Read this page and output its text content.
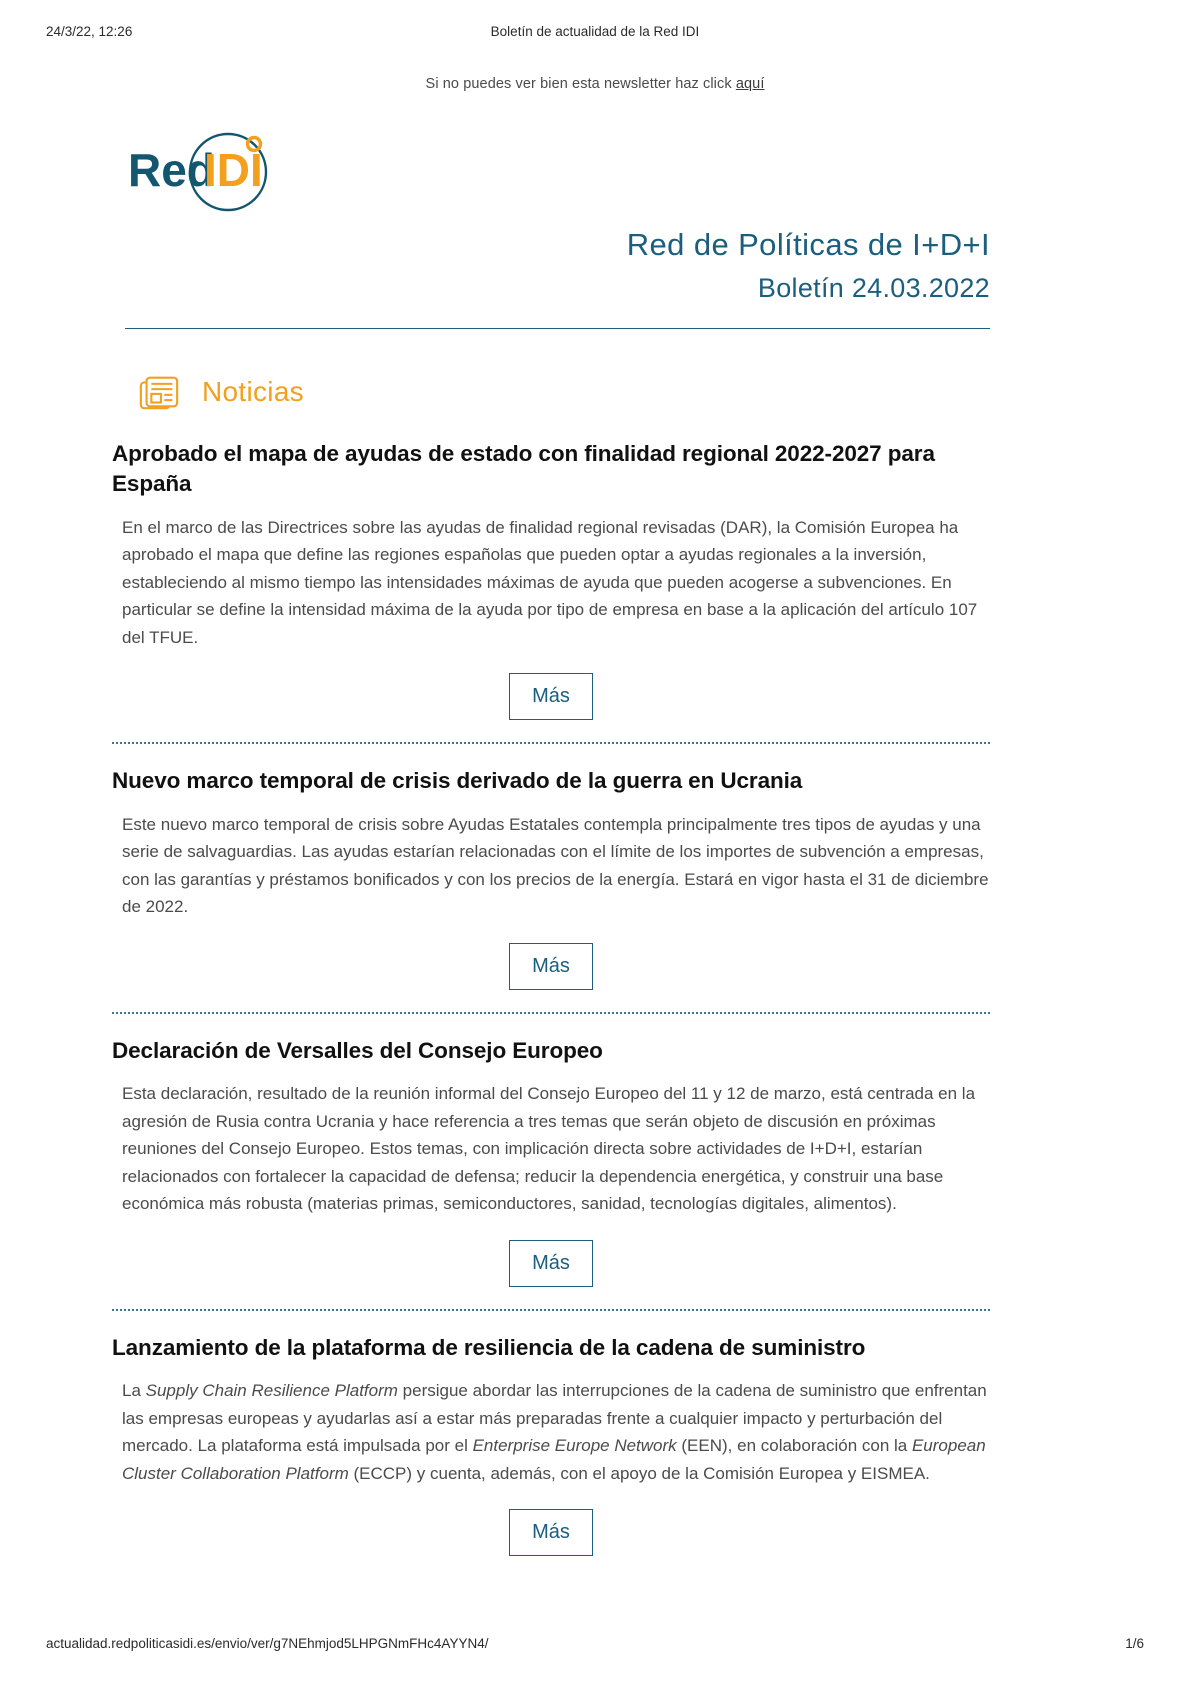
24/3/22, 12:26	Boletín de actualidad de la Red IDI
Si no puedes ver bien esta newsletter haz click aquí
Red
IDI
Red de Políticas de I+D+I
Boletín 24.03.2022
Noticias
Aprobado el mapa de ayudas de estado con finalidad regional 2022-2027 para España

En el marco de las Directrices sobre las ayudas de finalidad regional revisadas (DAR), la Comisión Europea ha aprobado el mapa que define las regiones españolas que pueden optar a ayudas regionales a la inversión, estableciendo al mismo tiempo las intensidades máximas de ayuda que pueden acogerse a subvenciones. En particular se define la intensidad máxima de la ayuda por tipo de empresa en base a la aplicación del artículo 107 del TFUE.

Más
Nuevo marco temporal de crisis derivado de la guerra en Ucrania

Este nuevo marco temporal de crisis sobre Ayudas Estatales contempla principalmente tres tipos de ayudas y una serie de salvaguardias. Las ayudas estarían relacionadas con el límite de los importes de subvención a empresas, con las garantías y préstamos bonificados y con los precios de la energía. Estará en vigor hasta el 31 de diciembre de 2022.

Más
Declaración de Versalles del Consejo Europeo

Esta declaración, resultado de la reunión informal del Consejo Europeo del 11 y 12 de marzo, está centrada en la agresión de Rusia contra Ucrania y hace referencia a tres temas que serán objeto de discusión en próximas reuniones del Consejo Europeo. Estos temas, con implicación directa sobre actividades de I+D+I, estarían relacionados con fortalecer la capacidad de defensa; reducir la dependencia energética, y construir una base económica más robusta (materias primas, semiconductores, sanidad, tecnologías digitales, alimentos).

Más
Lanzamiento de la plataforma de resiliencia de la cadena de suministro

La Supply Chain Resilience Platform persigue abordar las interrupciones de la cadena de suministro que enfrentan las empresas europeas y ayudarlas así a estar más preparadas frente a cualquier impacto y perturbación del mercado. La plataforma está impulsada por el Enterprise Europe Network (EEN), en colaboración con la European Cluster Collaboration Platform (ECCP) y cuenta, además, con el apoyo de la Comisión Europea y EISMEA.

Más
actualidad.redpoliticasidi.es/envio/ver/g7NEhmjod5LHPGNmFHc4AYYN4/	1/6
